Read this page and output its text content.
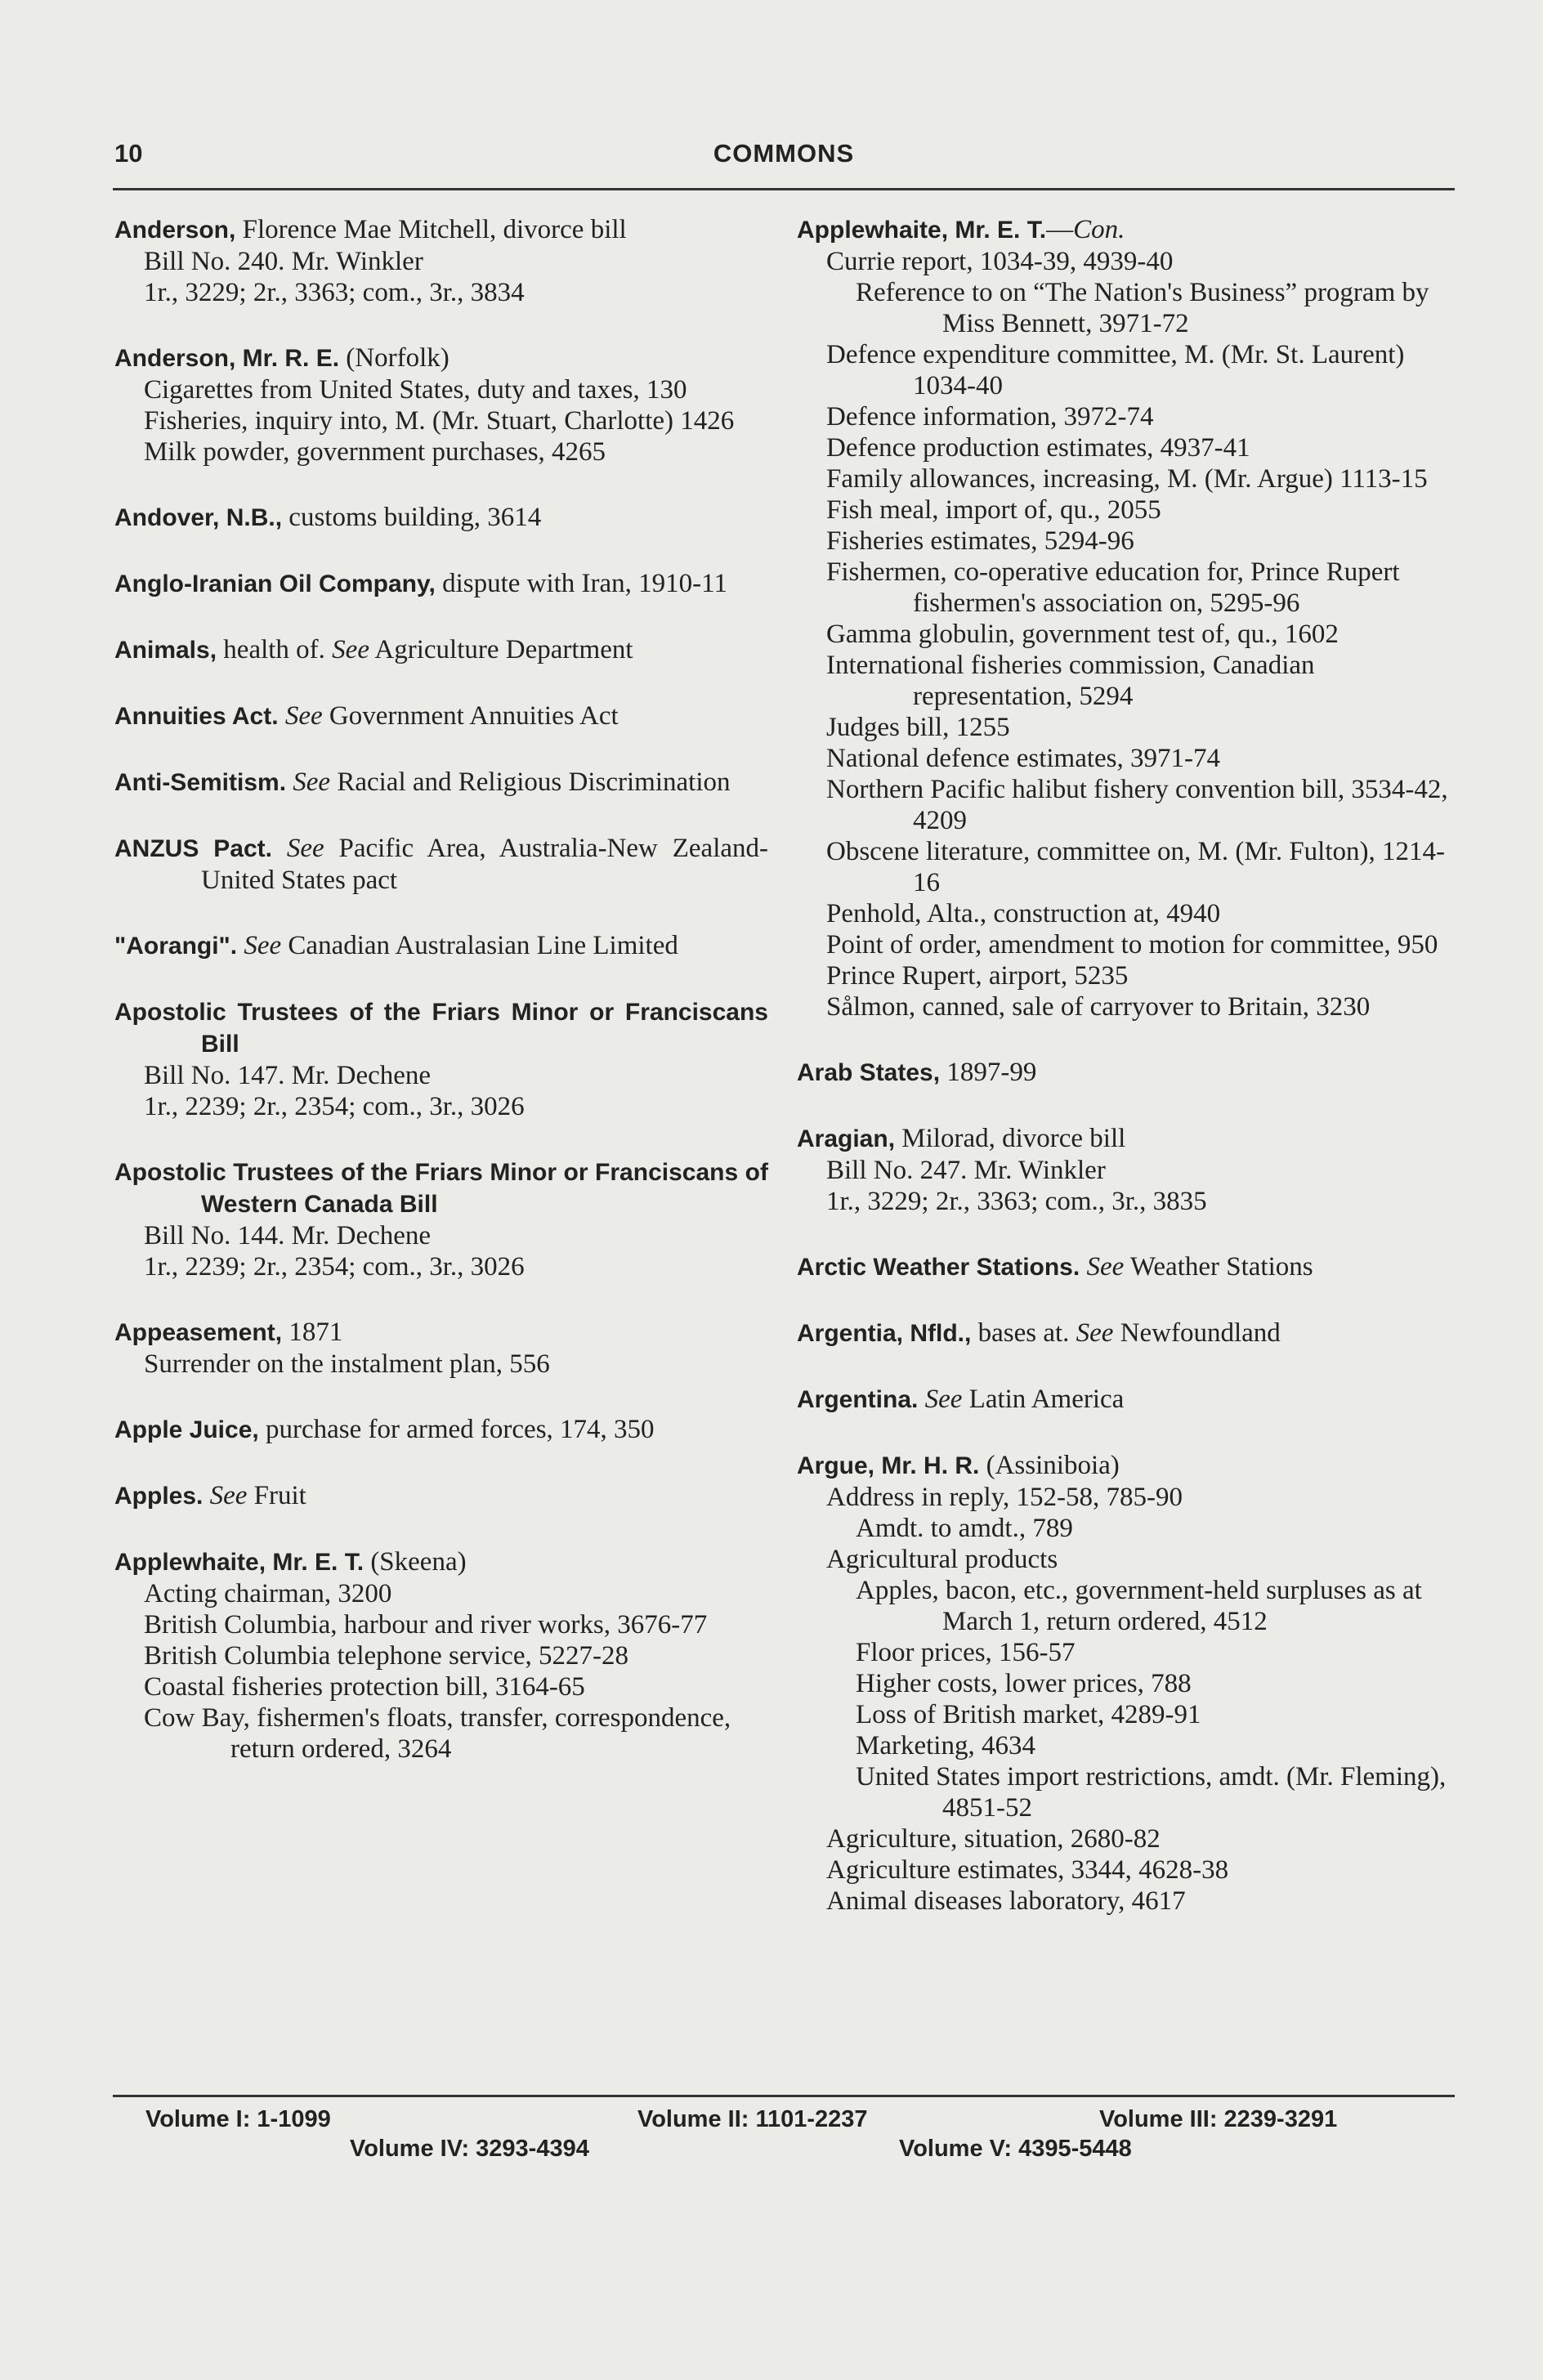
10	COMMONS
Anderson, Florence Mae Mitchell, divorce bill
Bill No. 240. Mr. Winkler
1r., 3229; 2r., 3363; com., 3r., 3834
Anderson, Mr. R. E. (Norfolk)
Cigarettes from United States, duty and taxes, 130
Fisheries, inquiry into, M. (Mr. Stuart, Charlotte) 1426
Milk powder, government purchases, 4265
Andover, N.B., customs building, 3614
Anglo-Iranian Oil Company, dispute with Iran, 1910-11
Animals, health of. See Agriculture Department
Annuities Act. See Government Annuities Act
Anti-Semitism. See Racial and Religious Discrimination
ANZUS Pact. See Pacific Area, Australia-New Zealand-United States pact
"Aorangi". See Canadian Australasian Line Limited
Apostolic Trustees of the Friars Minor or Franciscans Bill
Bill No. 147. Mr. Dechene
1r., 2239; 2r., 2354; com., 3r., 3026
Apostolic Trustees of the Friars Minor or Franciscans of Western Canada Bill
Bill No. 144. Mr. Dechene
1r., 2239; 2r., 2354; com., 3r., 3026
Appeasement, 1871
Surrender on the instalment plan, 556
Apple Juice, purchase for armed forces, 174, 350
Apples. See Fruit
Applewhaite, Mr. E. T. (Skeena)
Acting chairman, 3200
British Columbia, harbour and river works, 3676-77
British Columbia telephone service, 5227-28
Coastal fisheries protection bill, 3164-65
Cow Bay, fishermen's floats, transfer, correspondence, return ordered, 3264
Applewhaite, Mr. E. T.—Con.
Currie report, 1034-39, 4939-40
Reference to on “The Nation's Business” program by Miss Bennett, 3971-72
Defence expenditure committee, M. (Mr. St. Laurent) 1034-40
Defence information, 3972-74
Defence production estimates, 4937-41
Family allowances, increasing, M. (Mr. Argue) 1113-15
Fish meal, import of, qu., 2055
Fisheries estimates, 5294-96
Fishermen, co-operative education for, Prince Rupert fishermen's association on, 5295-96
Gamma globulin, government test of, qu., 1602
International fisheries commission, Canadian representation, 5294
Judges bill, 1255
National defence estimates, 3971-74
Northern Pacific halibut fishery convention bill, 3534-42, 4209
Obscene literature, committee on, M. (Mr. Fulton), 1214-16
Penhold, Alta., construction at, 4940
Point of order, amendment to motion for committee, 950
Prince Rupert, airport, 5235
Sålmon, canned, sale of carryover to Britain, 3230
Arab States, 1897-99
Aragian, Milorad, divorce bill
Bill No. 247. Mr. Winkler
1r., 3229; 2r., 3363; com., 3r., 3835
Arctic Weather Stations. See Weather Stations
Argentia, Nfld., bases at. See Newfoundland
Argentina. See Latin America
Argue, Mr. H. R. (Assiniboia)
Address in reply, 152-58, 785-90
Amdt. to amdt., 789
Agricultural products
Apples, bacon, etc., government-held surpluses as at March 1, return ordered, 4512
Floor prices, 156-57
Higher costs, lower prices, 788
Loss of British market, 4289-91
Marketing, 4634
United States import restrictions, amdt. (Mr. Fleming), 4851-52
Agriculture, situation, 2680-82
Agriculture estimates, 3344, 4628-38
Animal diseases laboratory, 4617
Volume I: 1-1099	Volume II: 1101-2237	Volume III: 2239-3291
Volume IV: 3293-4394	Volume V: 4395-5448
